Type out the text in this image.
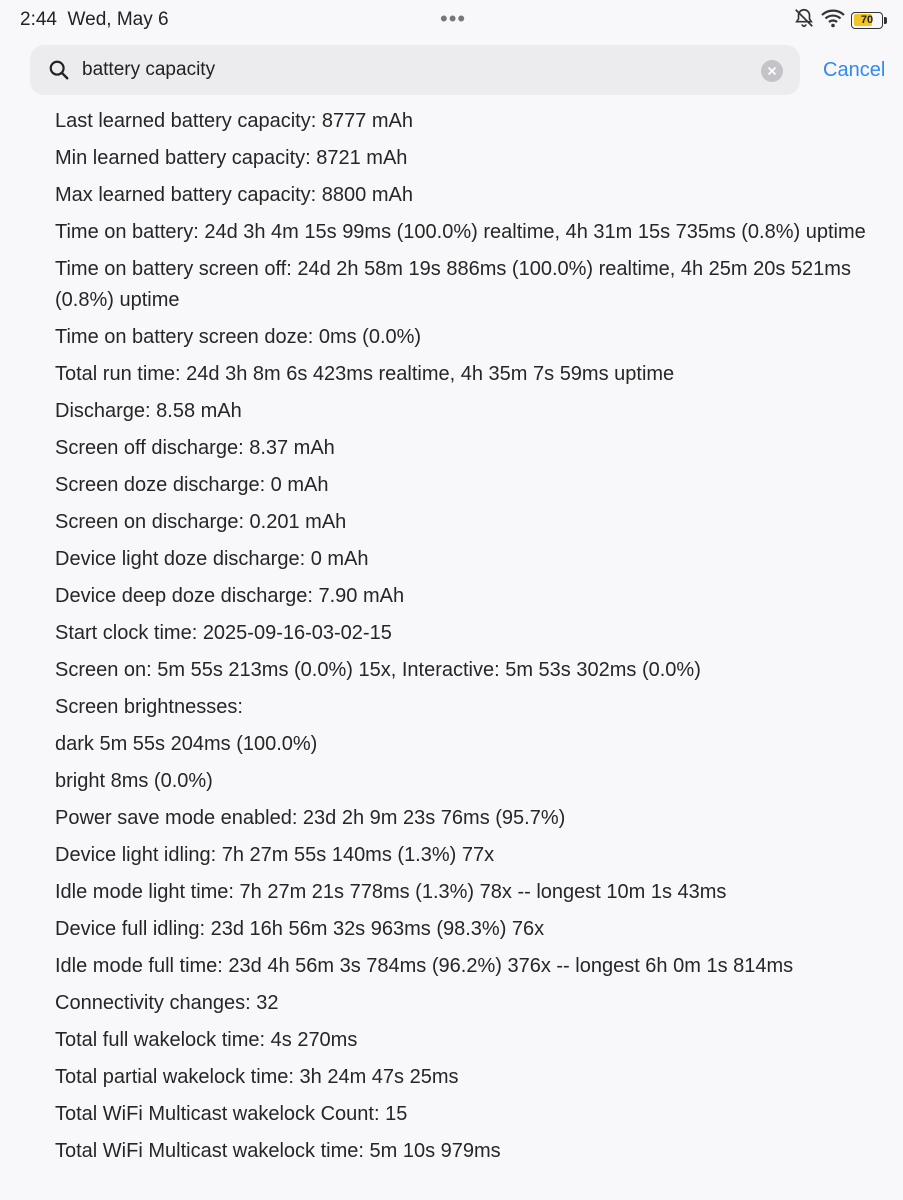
2:44 Wed, May 6	•••	70
battery capacity
Cancel
Last learned battery capacity: 8777 mAh
Min learned battery capacity: 8721 mAh
Max learned battery capacity: 8800 mAh
Time on battery: 24d 3h 4m 15s 99ms (100.0%) realtime, 4h 31m 15s 735ms (0.8%) uptime
Time on battery screen off: 24d 2h 58m 19s 886ms (100.0%) realtime, 4h 25m 20s 521ms (0.8%) uptime
Time on battery screen doze: 0ms (0.0%)
Total run time: 24d 3h 8m 6s 423ms realtime, 4h 35m 7s 59ms uptime
Discharge: 8.58 mAh
Screen off discharge: 8.37 mAh
Screen doze discharge: 0 mAh
Screen on discharge: 0.201 mAh
Device light doze discharge: 0 mAh
Device deep doze discharge: 7.90 mAh
Start clock time: 2025-09-16-03-02-15
Screen on: 5m 55s 213ms (0.0%) 15x, Interactive: 5m 53s 302ms (0.0%)
Screen brightnesses:
dark 5m 55s 204ms (100.0%)
bright 8ms (0.0%)
Power save mode enabled: 23d 2h 9m 23s 76ms (95.7%)
Device light idling: 7h 27m 55s 140ms (1.3%) 77x
Idle mode light time: 7h 27m 21s 778ms (1.3%) 78x -- longest 10m 1s 43ms
Device full idling: 23d 16h 56m 32s 963ms (98.3%) 76x
Idle mode full time: 23d 4h 56m 3s 784ms (96.2%) 376x -- longest 6h 0m 1s 814ms
Connectivity changes: 32
Total full wakelock time: 4s 270ms
Total partial wakelock time: 3h 24m 47s 25ms
Total WiFi Multicast wakelock Count: 15
Total WiFi Multicast wakelock time: 5m 10s 979ms
